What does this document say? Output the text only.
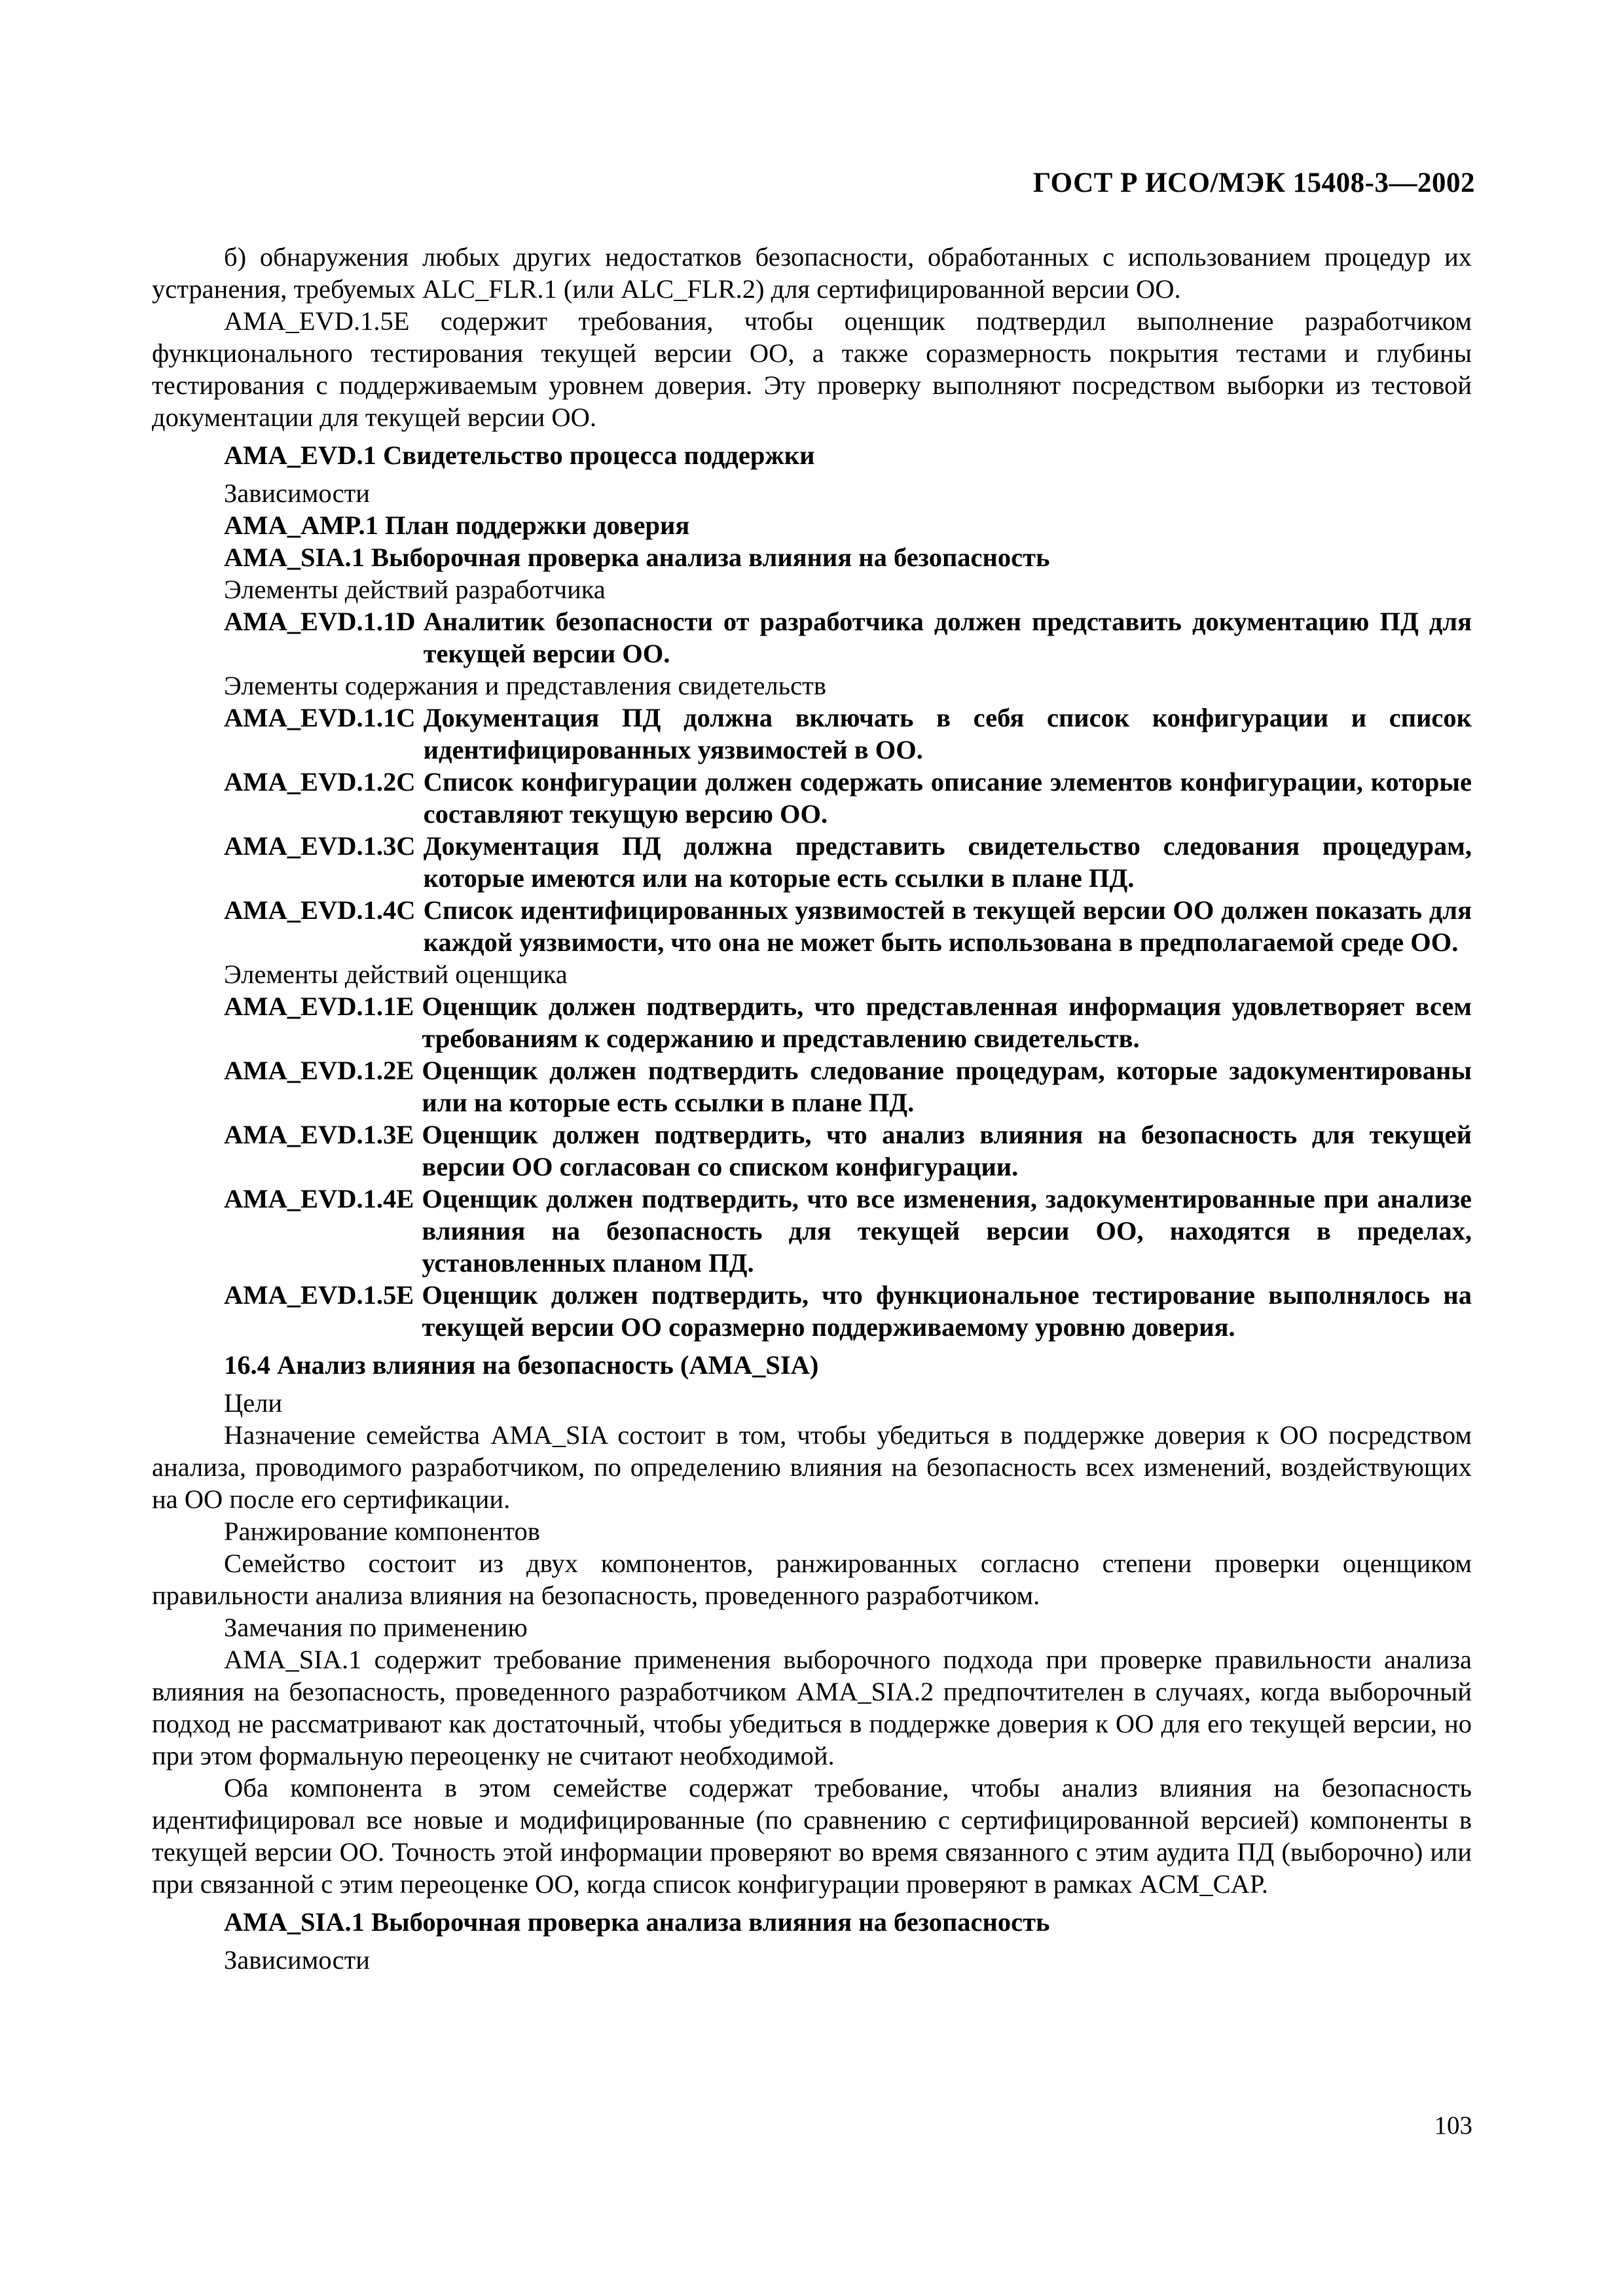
ГОСТ Р ИСО/МЭК 15408-3—2002
б) обнаружения любых других недостатков безопасности, обработанных с использованием процедур их устранения, требуемых ALC_FLR.1 (или ALC_FLR.2) для сертифицированной версии ОО.
AMA_EVD.1.5E содержит требования, чтобы оценщик подтвердил выполнение разработчиком функционального тестирования текущей версии ОО, а также соразмерность покрытия тестами и глубины тестирования с поддерживаемым уровнем доверия. Эту проверку выполняют посредством выборки из тестовой документации для текущей версии ОО.
AMA_EVD.1 Свидетельство процесса поддержки
Зависимости
AMA_AMP.1 План поддержки доверия
AMA_SIA.1 Выборочная проверка анализа влияния на безопасность
Элементы действий разработчика
AMA_EVD.1.1D Аналитик безопасности от разработчика должен представить документацию ПД для текущей версии ОО.
Элементы содержания и представления свидетельств
AMA_EVD.1.1C Документация ПД должна включать в себя список конфигурации и список идентифицированных уязвимостей в ОО.
AMA_EVD.1.2C Список конфигурации должен содержать описание элементов конфигурации, которые составляют текущую версию ОО.
AMA_EVD.1.3C Документация ПД должна представить свидетельство следования процедурам, которые имеются или на которые есть ссылки в плане ПД.
AMA_EVD.1.4C Список идентифицированных уязвимостей в текущей версии ОО должен показать для каждой уязвимости, что она не может быть использована в предполагаемой среде ОО.
Элементы действий оценщика
AMA_EVD.1.1E Оценщик должен подтвердить, что представленная информация удовлетворяет всем требованиям к содержанию и представлению свидетельств.
AMA_EVD.1.2E Оценщик должен подтвердить следование процедурам, которые задокументированы или на которые есть ссылки в плане ПД.
AMA_EVD.1.3E Оценщик должен подтвердить, что анализ влияния на безопасность для текущей версии ОО согласован со списком конфигурации.
AMA_EVD.1.4E Оценщик должен подтвердить, что все изменения, задокументированные при анализе влияния на безопасность для текущей версии ОО, находятся в пределах, установленных планом ПД.
AMA_EVD.1.5E Оценщик должен подтвердить, что функциональное тестирование выполнялось на текущей версии ОО соразмерно поддерживаемому уровню доверия.
16.4 Анализ влияния на безопасность (AMA_SIA)
Цели
Назначение семейства AMA_SIA состоит в том, чтобы убедиться в поддержке доверия к ОО посредством анализа, проводимого разработчиком, по определению влияния на безопасность всех изменений, воздействующих на ОО после его сертификации.
Ранжирование компонентов
Семейство состоит из двух компонентов, ранжированных согласно степени проверки оценщиком правильности анализа влияния на безопасность, проведенного разработчиком.
Замечания по применению
AMA_SIA.1 содержит требование применения выборочного подхода при проверке правильности анализа влияния на безопасность, проведенного разработчиком AMA_SIA.2 предпочтителен в случаях, когда выборочный подход не рассматривают как достаточный, чтобы убедиться в поддержке доверия к ОО для его текущей версии, но при этом формальную переоценку не считают необходимой.
Оба компонента в этом семействе содержат требование, чтобы анализ влияния на безопасность идентифицировал все новые и модифицированные (по сравнению с сертифицированной версией) компоненты в текущей версии ОО. Точность этой информации проверяют во время связанного с этим аудита ПД (выборочно) или при связанной с этим переоценке ОО, когда список конфигурации проверяют в рамках ACM_CAP.
AMA_SIA.1 Выборочная проверка анализа влияния на безопасность
Зависимости
103
